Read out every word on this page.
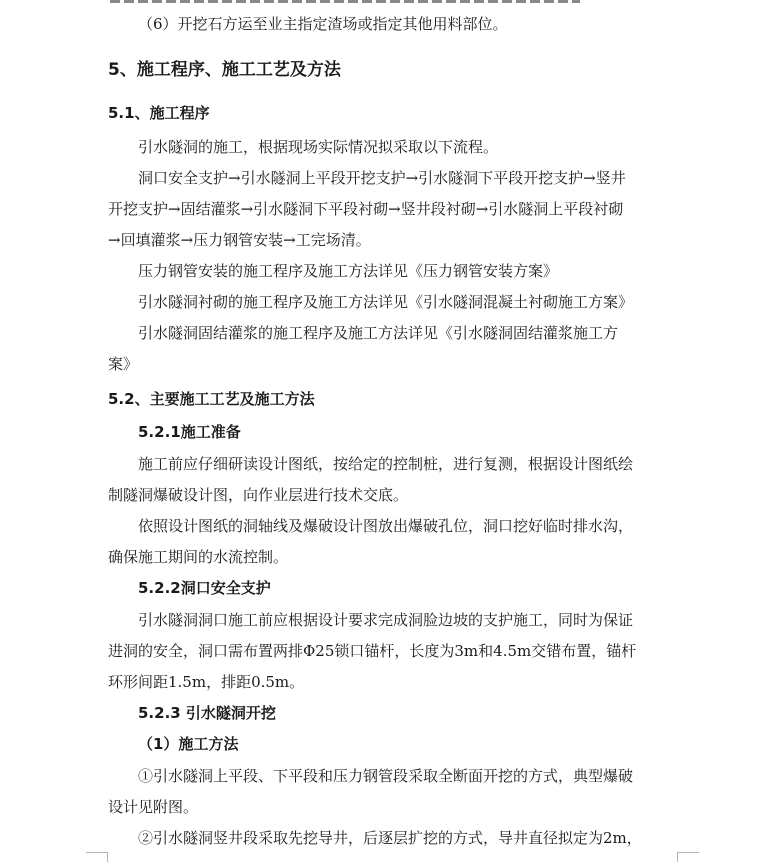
（6）开挖石方运至业主指定渣场或指定其他用料部位。
5、施工程序、施工工艺及方法
5.1、施工程序
引水隧洞的施工，根据现场实际情况拟采取以下流程。
洞口安全支护→引水隧洞上平段开挖支护→引水隧洞下平段开挖支护→竖井
开挖支护→固结灌浆→引水隧洞下平段衬砌→竖井段衬砌→引水隧洞上平段衬砌
→回填灌浆→压力钢管安装→工完场清。
压力钢管安装的施工程序及施工方法详见《压力钢管安装方案》
引水隧洞衬砌的施工程序及施工方法详见《引水隧洞混凝土衬砌施工方案》
引水隧洞固结灌浆的施工程序及施工方法详见《引水隧洞固结灌浆施工方
案》
5.2、主要施工工艺及施工方法
5.2.1施工准备
施工前应仔细研读设计图纸，按给定的控制桩，进行复测，根据设计图纸绘
制隧洞爆破设计图，向作业层进行技术交底。
依照设计图纸的洞轴线及爆破设计图放出爆破孔位，洞口挖好临时排水沟，
确保施工期间的水流控制。
5.2.2洞口安全支护
引水隧洞洞口施工前应根据设计要求完成洞脸边坡的支护施工，同时为保证
进洞的安全，洞口需布置两排Φ25锁口锚杆，长度为3m和4.5m交错布置，锚杆
环形间距1.5m，排距0.5m。
5.2.3 引水隧洞开挖
（1）施工方法
①引水隧洞上平段、下平段和压力钢管段采取全断面开挖的方式，典型爆破
设计见附图。
②引水隧洞竖井段采取先挖导井，后逐层扩挖的方式，导井直径拟定为2m，
